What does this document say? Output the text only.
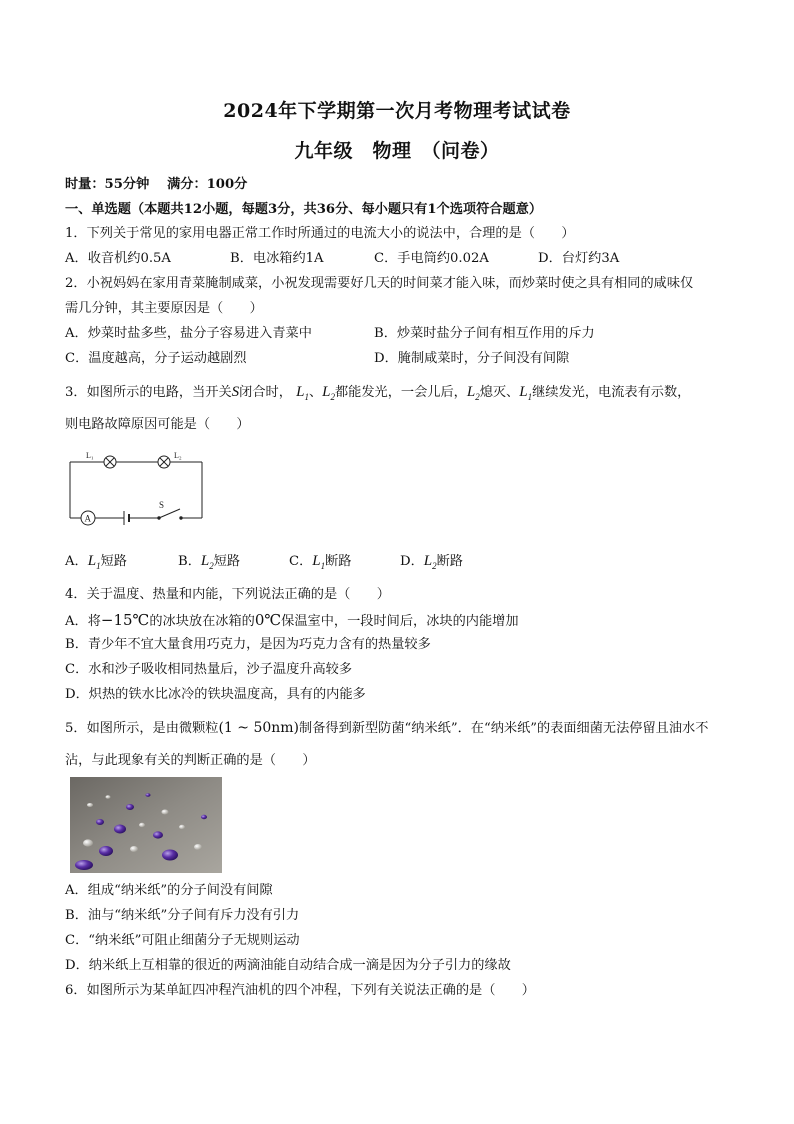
2024年下学期第一次月考物理考试试卷
九年级　物理　（问卷）
时量：55分钟　 满分：100分
一、单选题（本题共12小题，每题3分，共36分、每小题只有1个选项符合题意）
1．下列关于常见的家用电器正常工作时所通过的电流大小的说法中，合理的是（　　）
A．收音机约0.5A	B．电冰箱约1A	C．手电筒约0.02A	D．台灯约3A
2．小祝妈妈在家用青菜腌制咸菜，小祝发现需要好几天的时间菜才能入味，而炒菜时使之具有相同的咸味仅
需几分钟，其主要原因是（　　）
A．炒菜时盐多些，盐分子容易进入青菜中	B．炒菜时盐分子间有相互作用的斥力
C．温度越高，分子运动越剧烈	D．腌制咸菜时，分子间没有间隙
3．如图所示的电路，当开关S闭合时， $L_1$、$L_2$都能发光，一会儿后，$L_2$熄灭、$L_1$继续发光，电流表有示数，
则电路故障原因可能是（　　）
L₁	L₂
A
S
A．$L_1$短路	B．$L_2$短路	C．$L_1$断路	D．$L_2$断路
4．关于温度、热量和内能，下列说法正确的是（　　）
A．将−15℃的冰块放在冰箱的0℃保温室中，一段时间后，冰块的内能增加
B．青少年不宜大量食用巧克力，是因为巧克力含有的热量较多
C．水和沙子吸收相同热量后，沙子温度升高较多
D．炽热的铁水比冰冷的铁块温度高，具有的内能多
5．如图所示，是由微颗粒(1 ~ 50nm)制备得到新型防菌“纳米纸”．在“纳米纸”的表面细菌无法停留且油水不
沾，与此现象有关的判断正确的是（　　）
A．组成“纳米纸”的分子间没有间隙
B．油与“纳米纸”分子间有斥力没有引力
C．“纳米纸”可阻止细菌分子无规则运动
D．纳米纸上互相靠的很近的两滴油能自动结合成一滴是因为分子引力的缘故
6．如图所示为某单缸四冲程汽油机的四个冲程，下列有关说法正确的是（　　）
